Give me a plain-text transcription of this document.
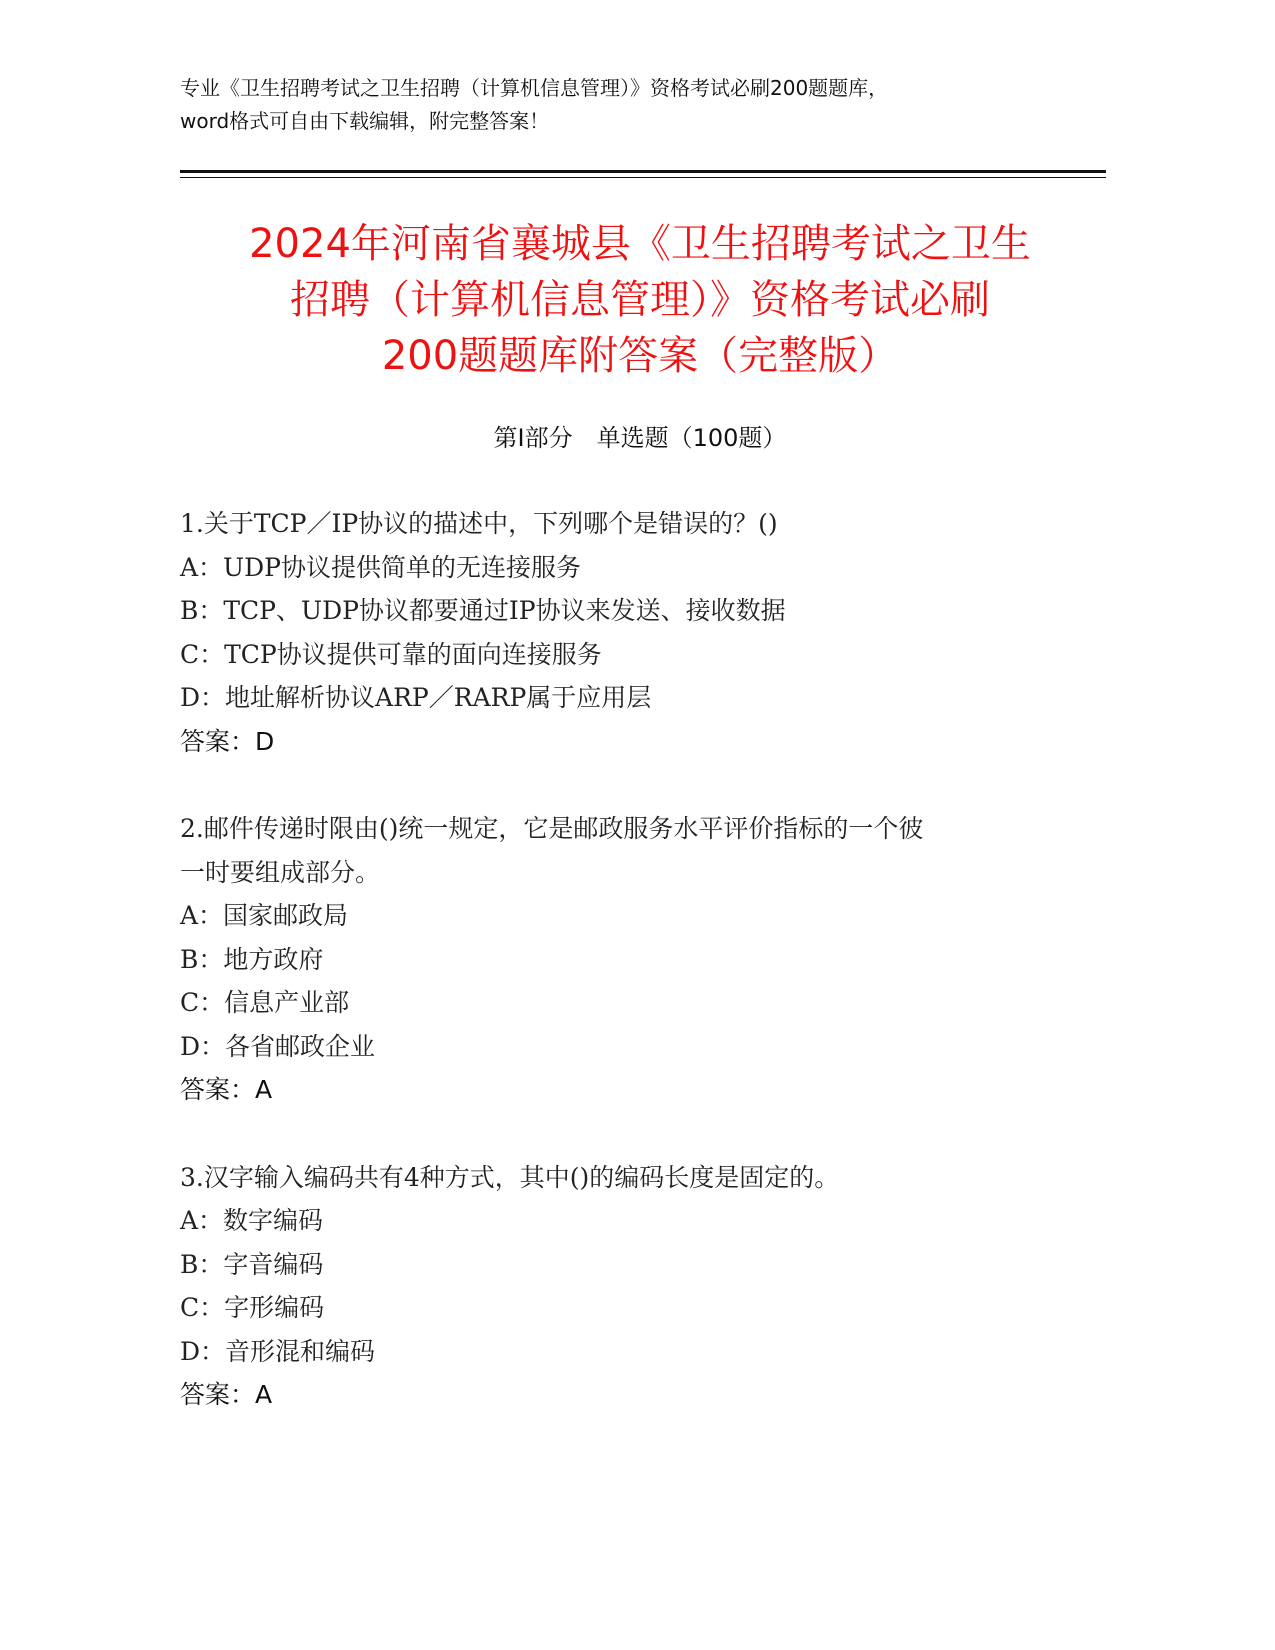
专业《卫生招聘考试之卫生招聘（计算机信息管理）》资格考试必刷200题题库，
word格式可自由下载编辑，附完整答案！
2024年河南省襄城县《卫生招聘考试之卫生
招聘（计算机信息管理）》资格考试必刷
200题题库附答案（完整版）
第Ⅰ部分　单选题（100题）
1.关于TCP／IP协议的描述中，下列哪个是错误的？()
A：UDP协议提供简单的无连接服务
B：TCP、UDP协议都要通过IP协议来发送、接收数据
C：TCP协议提供可靠的面向连接服务
D：地址解析协议ARP／RARP属于应用层
答案：D
2.邮件传递时限由()统一规定，它是邮政服务水平评价指标的一个彼
一时要组成部分。
A：国家邮政局
B：地方政府
C：信息产业部
D：各省邮政企业
答案：A
3.汉字输入编码共有4种方式，其中()的编码长度是固定的。
A：数字编码
B：字音编码
C：字形编码
D：音形混和编码
答案：A
